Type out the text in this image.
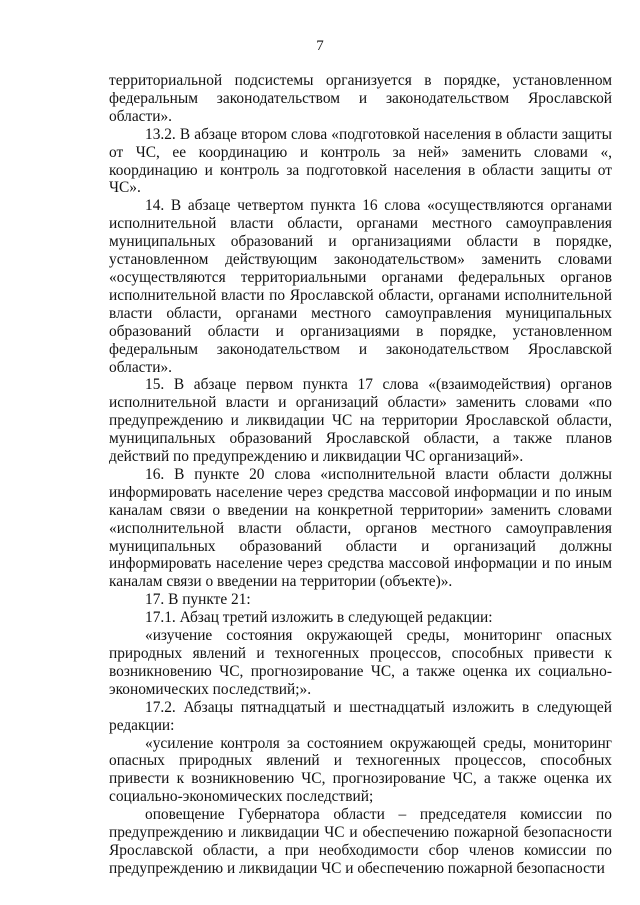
7

территориальной подсистемы организуется в порядке, установленном федеральным законодательством и законодательством Ярославской области».

13.2. В абзаце втором слова «подготовкой населения в области защиты от ЧС, ее координацию и контроль за ней» заменить словами «, координацию и контроль за подготовкой населения в области защиты от ЧС».

14. В абзаце четвертом пункта 16 слова «осуществляются органами исполнительной власти области, органами местного самоуправления муниципальных образований и организациями области в порядке, установленном действующим законодательством» заменить словами «осуществляются территориальными органами федеральных органов исполнительной власти по Ярославской области, органами исполнительной власти области, органами местного самоуправления муниципальных образований области и организациями в порядке, установленном федеральным законодательством и законодательством Ярославской области».

15. В абзаце первом пункта 17 слова «(взаимодействия) органов исполнительной власти и организаций области» заменить словами «по предупреждению и ликвидации ЧС на территории Ярославской области, муниципальных образований Ярославской области, а также планов действий по предупреждению и ликвидации ЧС организаций».

16. В пункте 20 слова «исполнительной власти области должны информировать население через средства массовой информации и по иным каналам связи о введении на конкретной территории» заменить словами «исполнительной власти области, органов местного самоуправления муниципальных образований области и организаций должны информировать население через средства массовой информации и по иным каналам связи о введении на территории (объекте)».

17. В пункте 21:

17.1. Абзац третий изложить в следующей редакции:

«изучение состояния окружающей среды, мониторинг опасных природных явлений и техногенных процессов, способных привести к возникновению ЧС, прогнозирование ЧС, а также оценка их социально-экономических последствий;».

17.2. Абзацы пятнадцатый и шестнадцатый изложить в следующей редакции:

«усиление контроля за состоянием окружающей среды, мониторинг опасных природных явлений и техногенных процессов, способных привести к возникновению ЧС, прогнозирование ЧС, а также оценка их социально-экономических последствий;

оповещение Губернатора области – председателя комиссии по предупреждению и ликвидации ЧС и обеспечению пожарной безопасности Ярославской области, а при необходимости сбор членов комиссии по предупреждению и ликвидации ЧС и обеспечению пожарной безопасности
